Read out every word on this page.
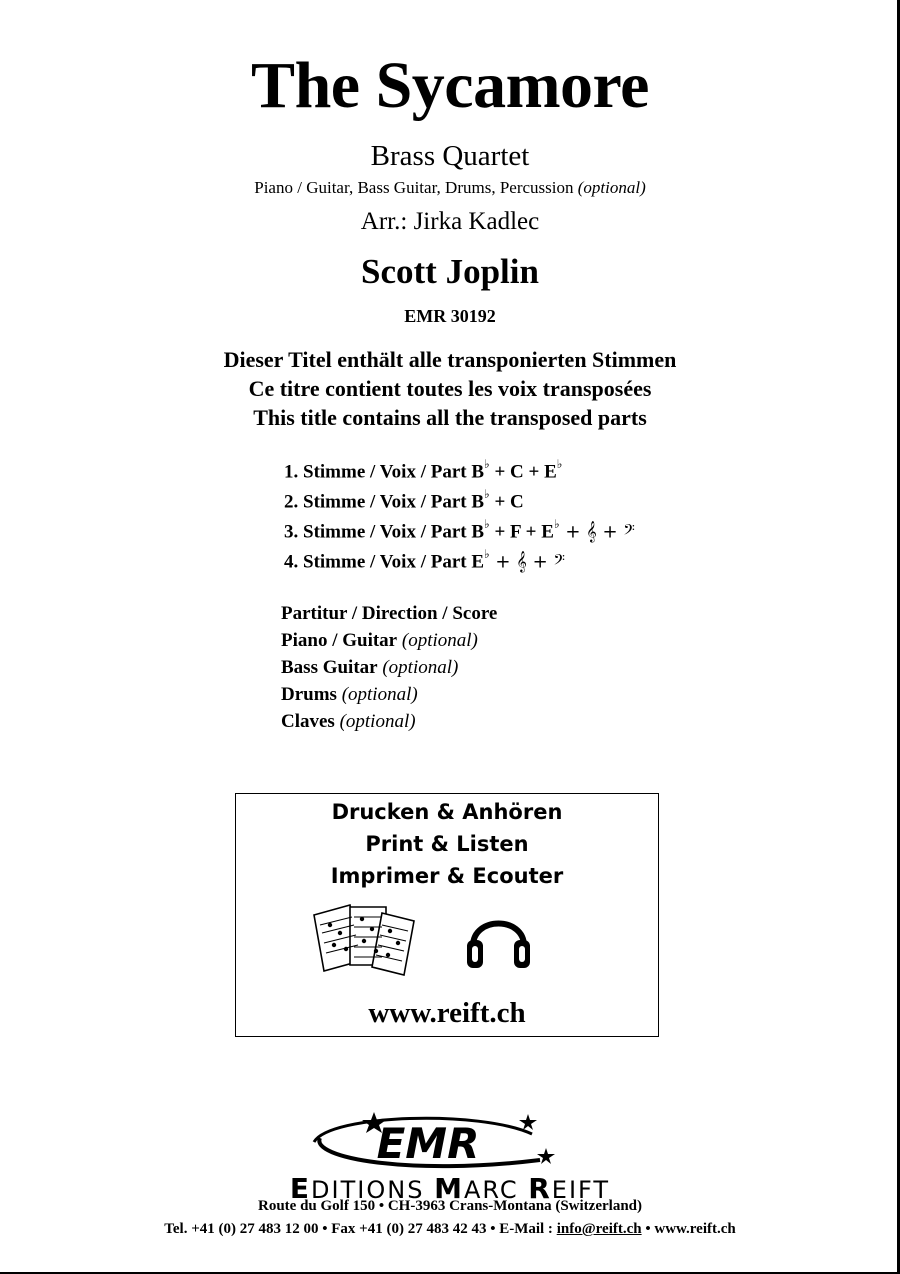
The Sycamore
Brass Quartet
Piano / Guitar, Bass Guitar, Drums, Percussion (optional)
Arr.: Jirka Kadlec
Scott Joplin
EMR 30192
Dieser Titel enthält alle transponierten Stimmen
Ce titre contient toutes les voix transposées
This title contains all the transposed parts
1. Stimme / Voix / Part B♭ + C + E♭
2. Stimme / Voix / Part B♭ + C
3. Stimme / Voix / Part B♭ + F + E♭ + 𝄞 + 𝄢
4. Stimme / Voix / Part E♭ + 𝄞 + 𝄢
Partitur / Direction / Score
Piano / Guitar (optional)
Bass Guitar (optional)
Drums (optional)
Claves (optional)
Drucken & Anhören
Print & Listen
Imprimer & Ecouter
www.reift.ch
EMR
EDITIONS MARC REIFT
Route du Golf 150 • CH-3963 Crans-Montana (Switzerland)
Tel. +41 (0) 27 483 12 00 • Fax +41 (0) 27 483 42 43 • E-Mail : info@reift.ch • www.reift.ch
